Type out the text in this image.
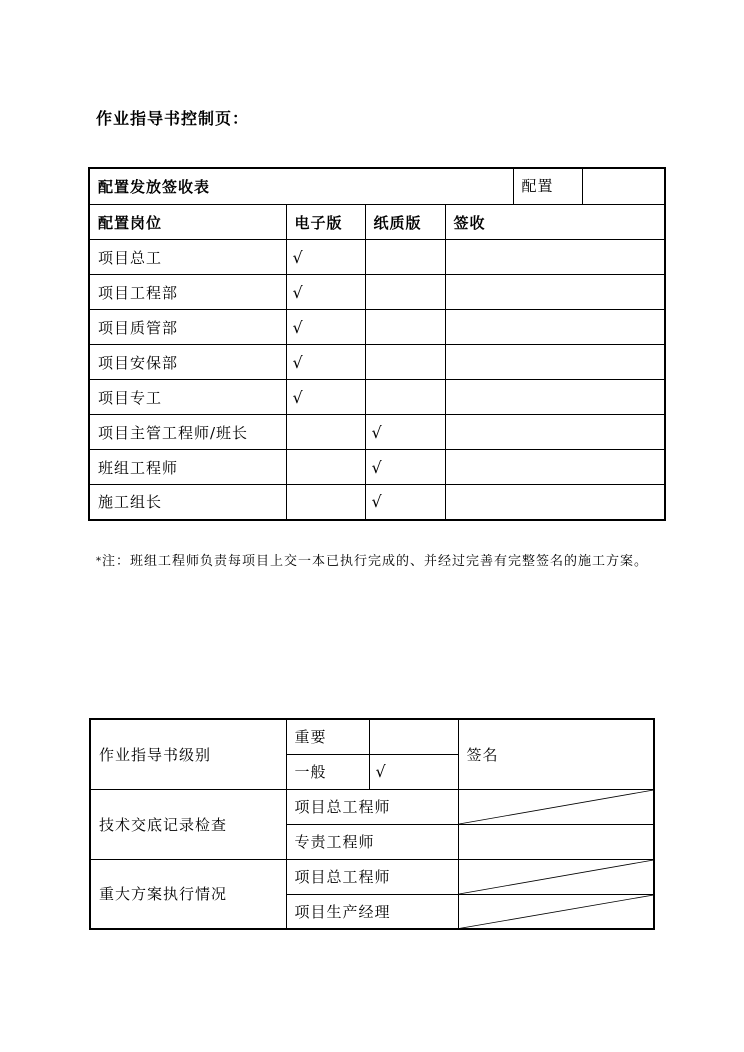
作业指导书控制页：
配置发放签收表				配置

配置岗位	电子版	纸质版	签收	
项目总工	√			
项目工程部	√			
项目质管部	√			
项目安保部	√			
项目专工	√			
项目主管工程师/班长		√		
班组工程师		√		
施工组长		√		
*注：班组工程师负责每项目上交一本已执行完成的、并经过完善有完整签名的施工方案。
作业指导书级别	重要		签名
	一般	√	
技术交底记录检查	项目总工程师	

	专责工程师		
重大方案执行情况	项目总工程师	

	项目生产经理	
